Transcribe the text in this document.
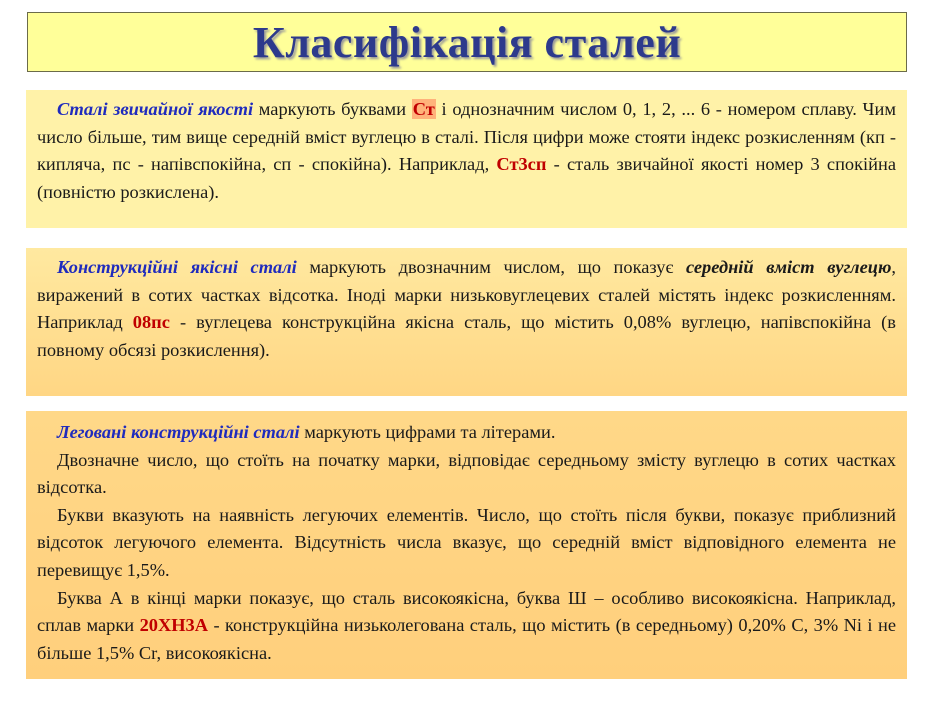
Класифікація сталей

Сталі звичайної якості маркують буквами Ст і однозначним числом 0, 1, 2, ... 6 - номером сплаву. Чим число більше, тим вище середній вміст вуглецю в сталі. Після цифри може стояти індекс розкисленням (кп - кипляча, пс - напівспокійна, сп - спокійна). Наприклад, Ст3сп - сталь звичайної якості номер 3 спокійна (повністю розкислена).

Конструкційні якісні сталі маркують двозначним числом, що показує середній вміст вуглецю, виражений в сотих частках відсотка. Іноді марки низьковуглецевих сталей містять індекс розкисленням. Наприклад 08пс - вуглецева конструкційна якісна сталь, що містить 0,08% вуглецю, напівспокійна (в повному обсязі розкислення).

Леговані конструкційні сталі маркують цифрами та літерами.

Двозначне число, що стоїть на початку марки, відповідає середньому змісту вуглецю в сотих частках відсотка.

Букви вказують на наявність легуючих елементів. Число, що стоїть після букви, показує приблизний відсоток легуючого елемента. Відсутність числа вказує, що середній вміст відповідного елемента не перевищує 1,5%.

Буква А в кінці марки показує, що сталь високоякісна, буква Ш – особливо високоякісна. Наприклад, сплав марки 20ХН3А - конструкційна низьколегована сталь, що містить (в середньому) 0,20% C, 3% Ni і не більше 1,5% Cr, високоякісна.
